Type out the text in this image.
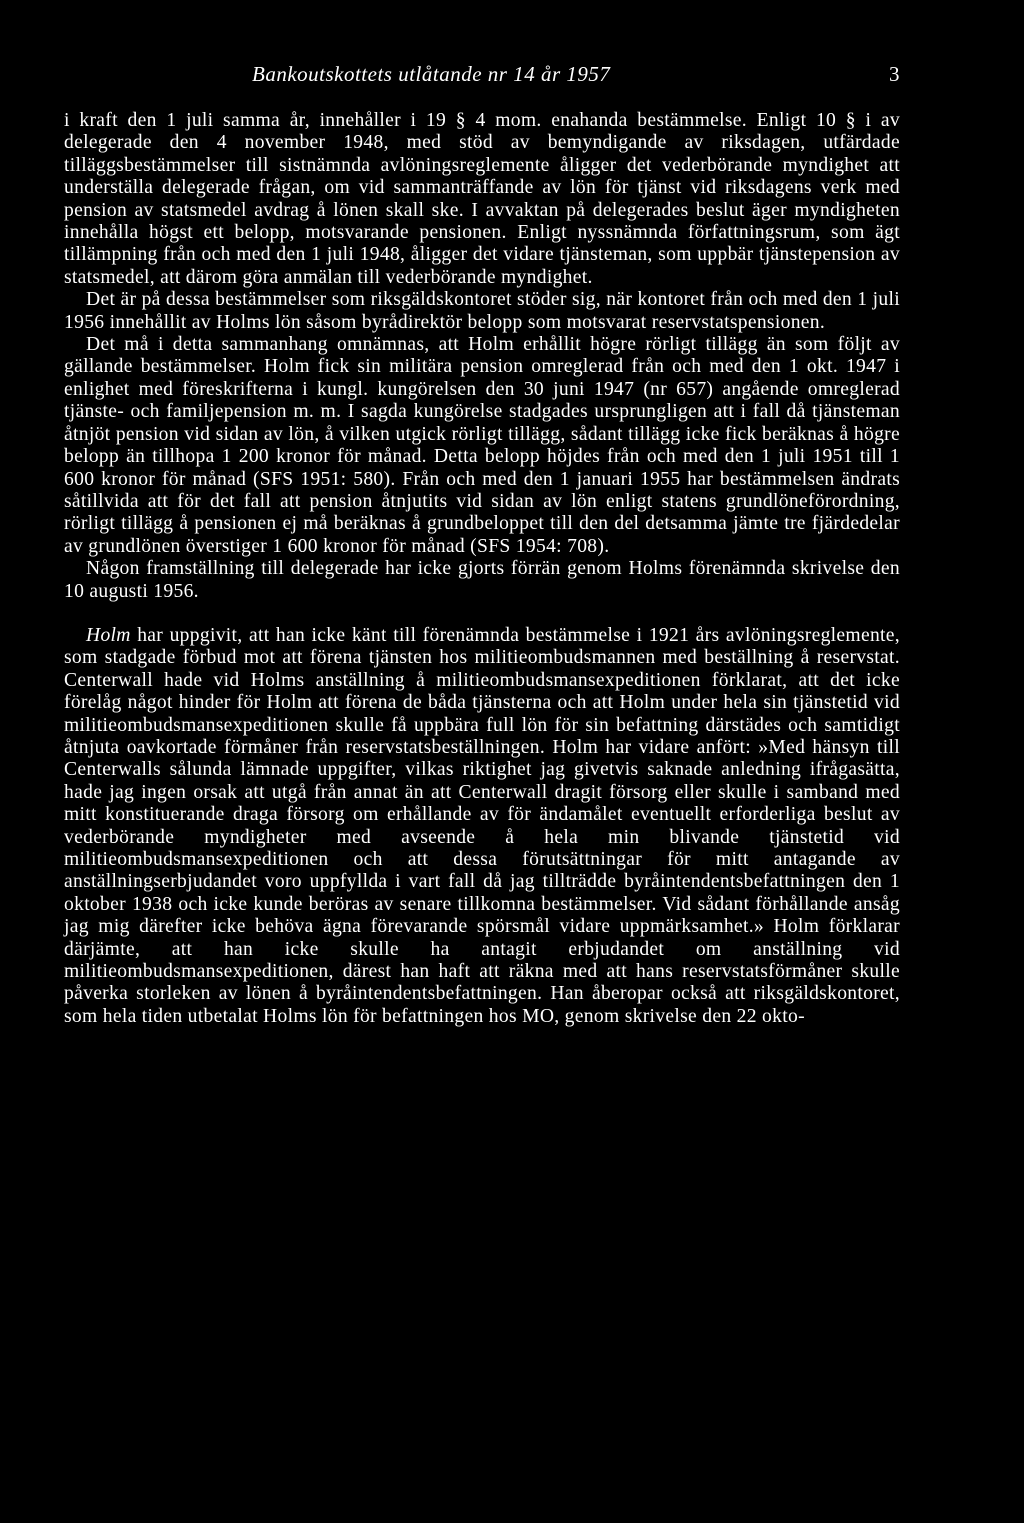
Bankoutskottets utlåtande nr 14 år 1957	3

i kraft den 1 juli samma år, innehåller i 19 § 4 mom. enahanda bestämmelse. Enligt 10 § i av delegerade den 4 november 1948, med stöd av bemyndigande av riksdagen, utfärdade tilläggsbestämmelser till sistnämnda avlöningsreglemente åligger det vederbörande myndighet att underställa delegerade frågan, om vid sammanträffande av lön för tjänst vid riksdagens verk med pension av statsmedel avdrag å lönen skall ske. I avvaktan på delegerades beslut äger myndigheten innehålla högst ett belopp, motsvarande pensionen. Enligt nyssnämnda författningsrum, som ägt tillämpning från och med den 1 juli 1948, åligger det vidare tjänsteman, som uppbär tjänstepension av statsmedel, att därom göra anmälan till vederbörande myndighet.

Det är på dessa bestämmelser som riksgäldskontoret stöder sig, när kontoret från och med den 1 juli 1956 innehållit av Holms lön såsom byrådirektör belopp som motsvarat reservstatspensionen.

Det må i detta sammanhang omnämnas, att Holm erhållit högre rörligt tillägg än som följt av gällande bestämmelser. Holm fick sin militära pension omreglerad från och med den 1 okt. 1947 i enlighet med föreskrifterna i kungl. kungörelsen den 30 juni 1947 (nr 657) angående omreglerad tjänste- och familjepension m. m. I sagda kungörelse stadgades ursprungligen att i fall då tjänsteman åtnjöt pension vid sidan av lön, å vilken utgick rörligt tillägg, sådant tillägg icke fick beräknas å högre belopp än tillhopa 1 200 kronor för månad. Detta belopp höjdes från och med den 1 juli 1951 till 1 600 kronor för månad (SFS 1951: 580). Från och med den 1 januari 1955 har bestämmelsen ändrats såtillvida att för det fall att pension åtnjutits vid sidan av lön enligt statens grundlöneförordning, rörligt tillägg å pensionen ej må beräknas å grundbeloppet till den del detsamma jämte tre fjärdedelar av grundlönen överstiger 1 600 kronor för månad (SFS 1954: 708).

Någon framställning till delegerade har icke gjorts förrän genom Holms förenämnda skrivelse den 10 augusti 1956.

Holm har uppgivit, att han icke känt till förenämnda bestämmelse i 1921 års avlöningsreglemente, som stadgade förbud mot att förena tjänsten hos militieombudsmannen med beställning å reservstat. Centerwall hade vid Holms anställning å militieombudsmansexpeditionen förklarat, att det icke förelåg något hinder för Holm att förena de båda tjänsterna och att Holm under hela sin tjänstetid vid militieombudsmansexpeditionen skulle få uppbära full lön för sin befattning därstädes och samtidigt åtnjuta oavkortade förmåner från reservstatsbeställningen. Holm har vidare anfört: »Med hänsyn till Centerwalls sålunda lämnade uppgifter, vilkas riktighet jag givetvis saknade anledning ifrågasätta, hade jag ingen orsak att utgå från annat än att Centerwall dragit försorg eller skulle i samband med mitt konstituerande draga försorg om erhållande av för ändamålet eventuellt erforderliga beslut av vederbörande myndigheter med avseende å hela min blivande tjänstetid vid militieombudsmansexpeditionen och att dessa förutsättningar för mitt antagande av anställningserbjudandet voro uppfyllda i vart fall då jag tillträdde byråintendentsbefattningen den 1 oktober 1938 och icke kunde beröras av senare tillkomna bestämmelser. Vid sådant förhållande ansåg jag mig därefter icke behöva ägna förevarande spörsmål vidare uppmärksamhet.» Holm förklarar därjämte, att han icke skulle ha antagit erbjudandet om anställning vid militieombudsmansexpeditionen, därest han haft att räkna med att hans reservstatsförmåner skulle påverka storleken av lönen å byråintendentsbefattningen. Han åberopar också att riksgäldskontoret, som hela tiden utbetalat Holms lön för befattningen hos MO, genom skrivelse den 22 okto-
